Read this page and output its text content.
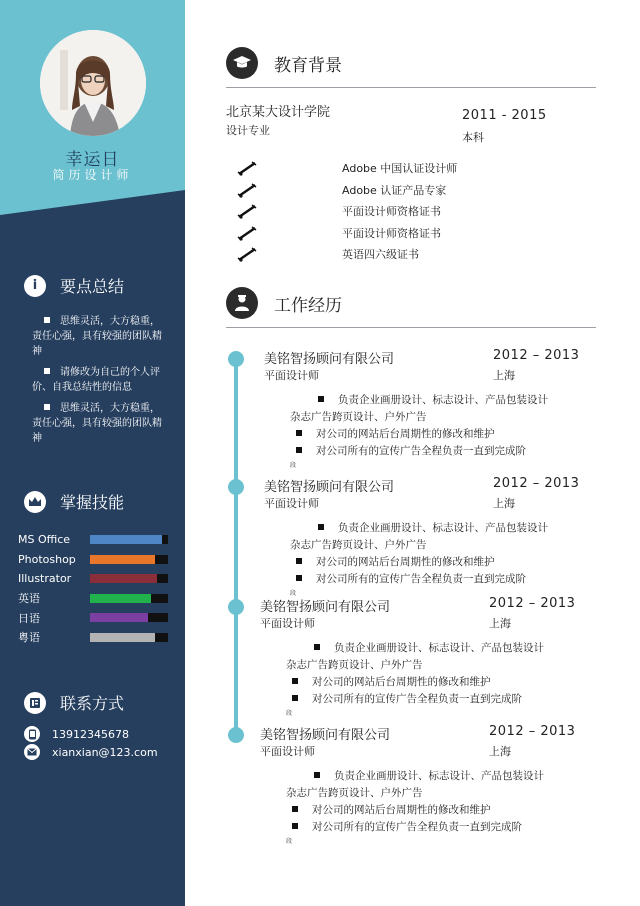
幸运日
简历设计师
i	要点总结

思维灵活，大方稳重，责任心强，具有较强的团队精神

请修改为自己的个人评价、自我总结性的信息

思维灵活，大方稳重，责任心强，具有较强的团队精神

掌握技能
MS Office
Photoshop
Illustrator
英语
日语
粤语
联系方式
13912345678
xianxian@123.com
教育背景
北京某大设计学院
设计专业
2011 - 2015
本科
Adobe 中国认证设计师
Adobe 认证产品专家
平面设计师资格证书
平面设计师资格证书
英语四六级证书
工作经历
美铭智扬顾问有限公司
平面设计师
2012 – 2013
上海
负责企业画册设计、标志设计、产品包装设计
杂志广告跨页设计、户外广告
对公司的网站后台周期性的修改和维护
对公司所有的宣传广告全程负责一直到完成阶
段
美铭智扬顾问有限公司
平面设计师
2012 – 2013
上海
负责企业画册设计、标志设计、产品包装设计
杂志广告跨页设计、户外广告
对公司的网站后台周期性的修改和维护
对公司所有的宣传广告全程负责一直到完成阶
段
美铭智扬顾问有限公司
平面设计师
2012 – 2013
上海
负责企业画册设计、标志设计、产品包装设计
杂志广告跨页设计、户外广告
对公司的网站后台周期性的修改和维护
对公司所有的宣传广告全程负责一直到完成阶
段
美铭智扬顾问有限公司
平面设计师
2012 – 2013
上海
负责企业画册设计、标志设计、产品包装设计
杂志广告跨页设计、户外广告
对公司的网站后台周期性的修改和维护
对公司所有的宣传广告全程负责一直到完成阶
段
